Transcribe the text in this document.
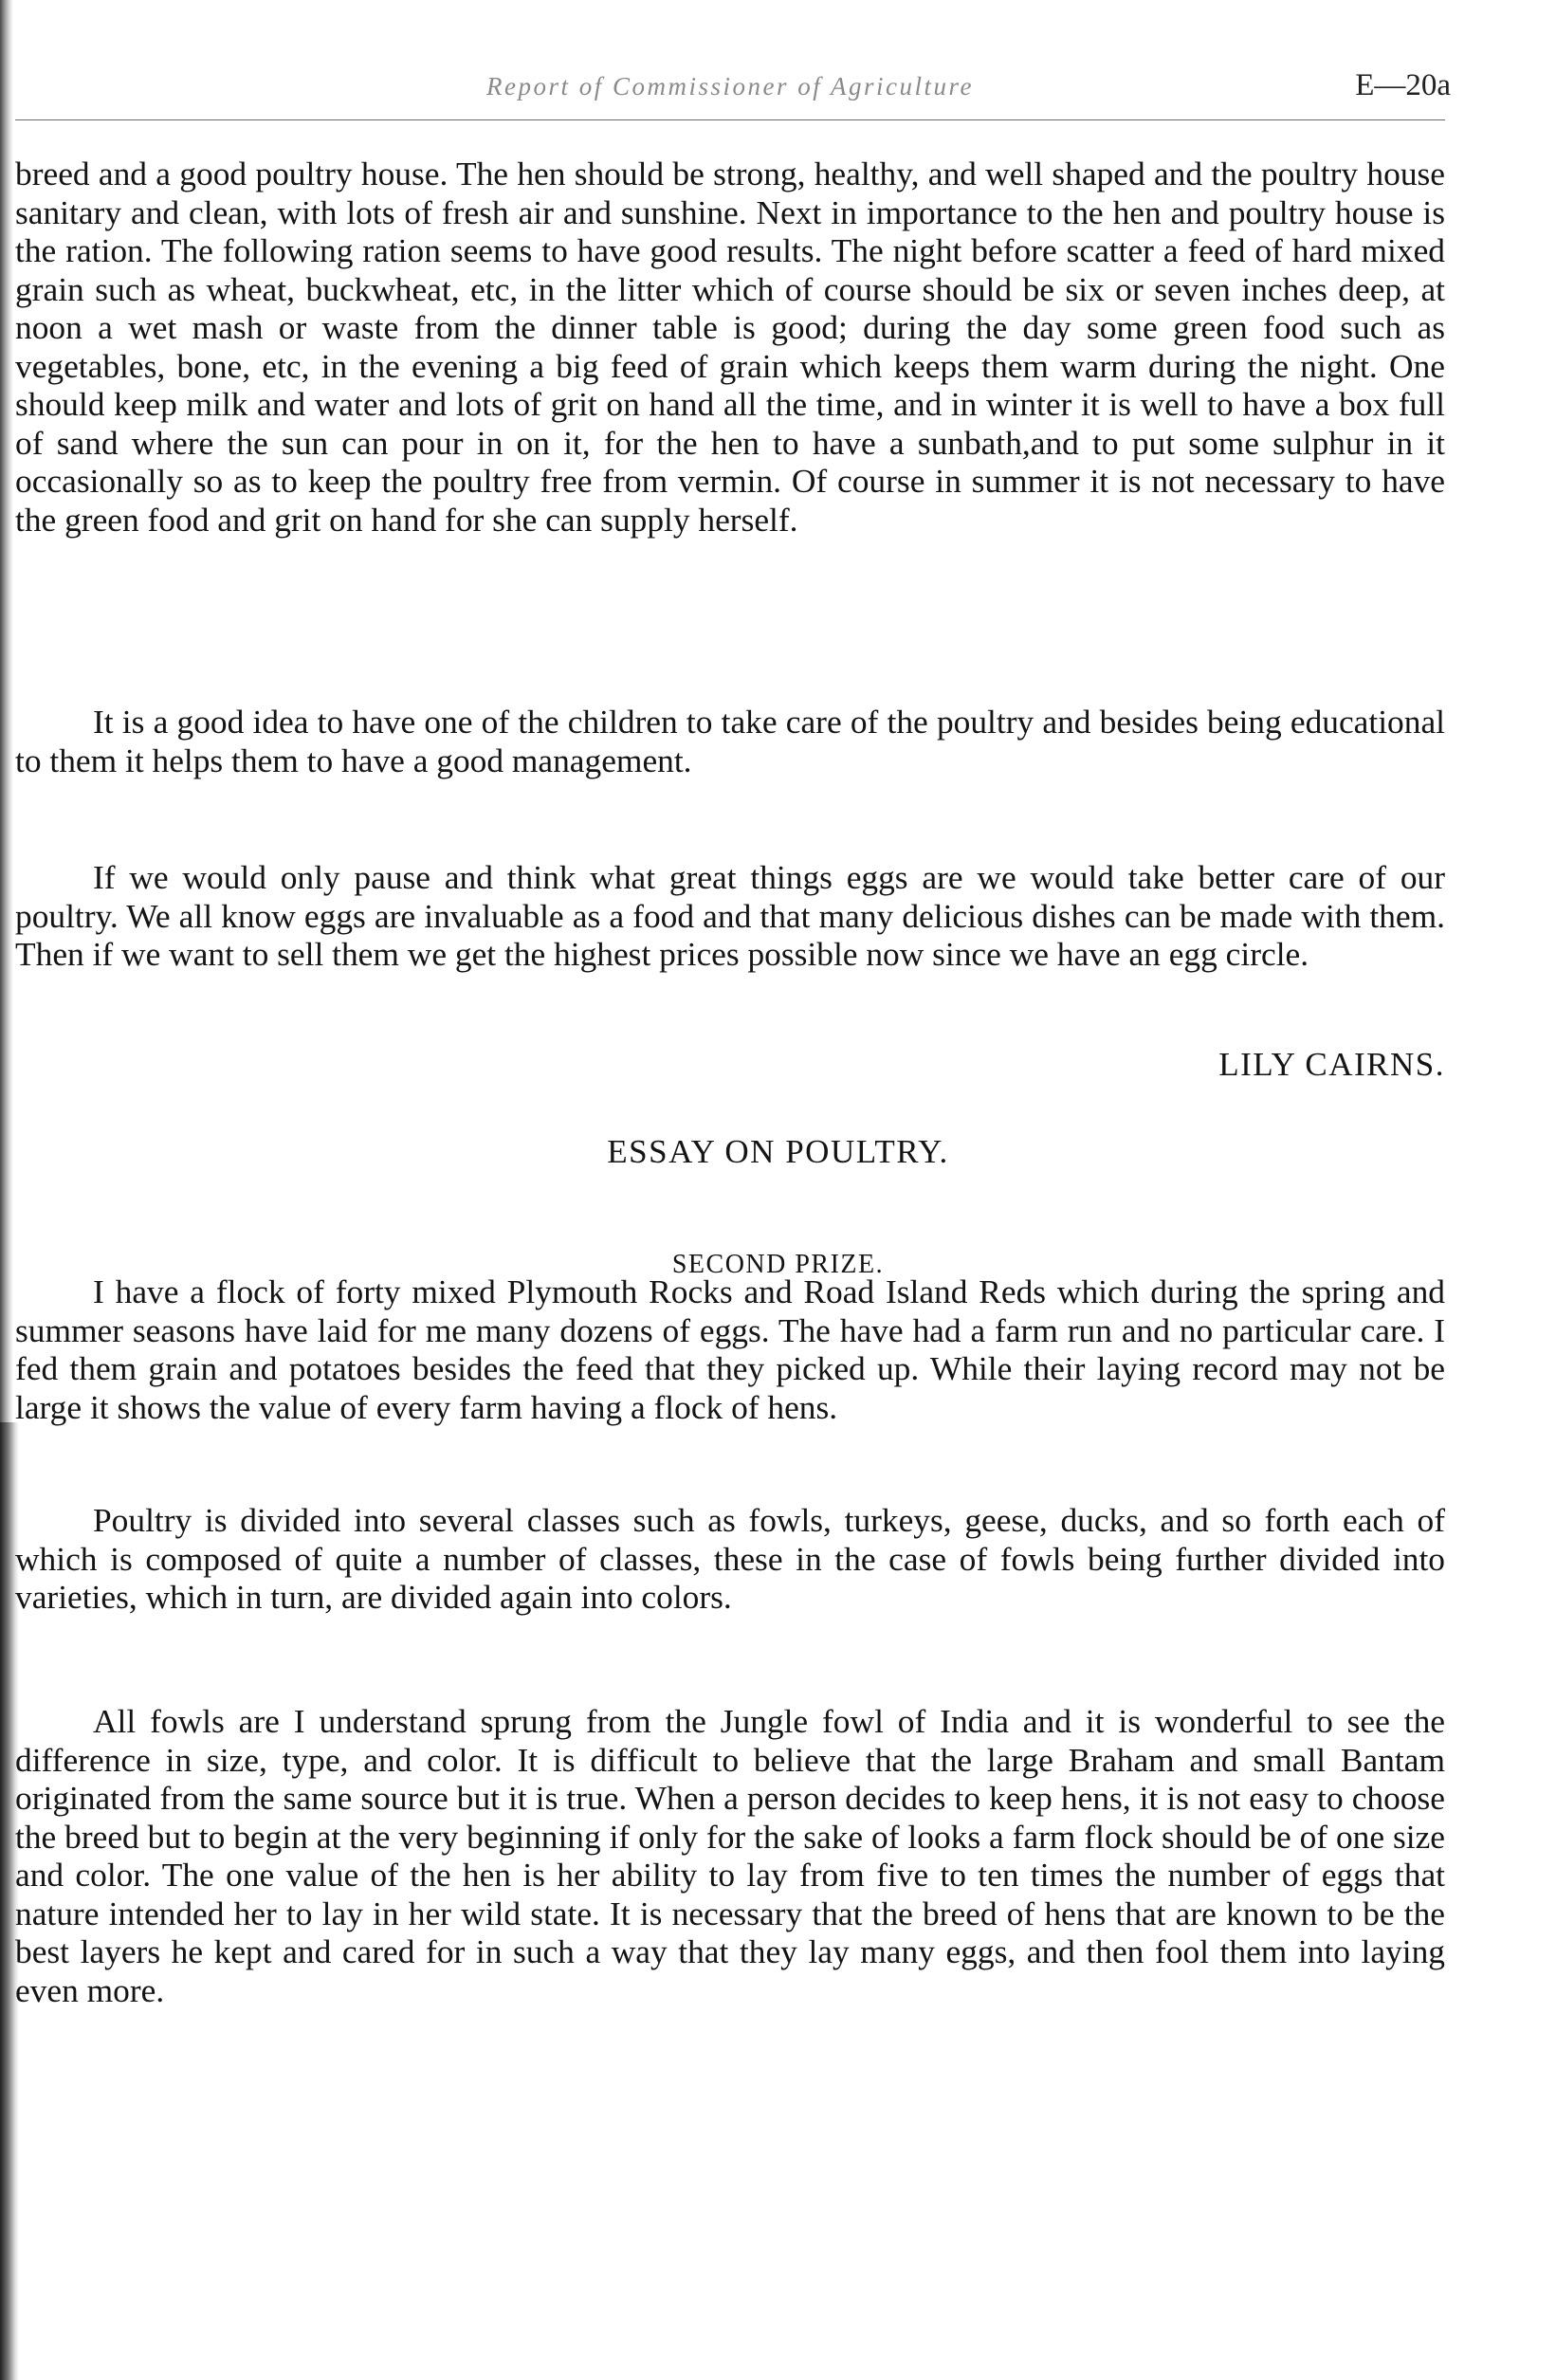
Report of Commissioner of Agriculture	E—20a

breed and a good poultry house. The hen should be strong, healthy, and well shaped and the poultry house sanitary and clean, with lots of fresh air and sunshine. Next in importance to the hen and poultry house is the ration. The following ration seems to have good results. The night before scatter a feed of hard mixed grain such as wheat, buckwheat, etc, in the litter which of course should be six or seven inches deep, at noon a wet mash or waste from the dinner table is good; during the day some green food such as vegetables, bone, etc, in the evening a big feed of grain which keeps them warm during the night. One should keep milk and water and lots of grit on hand all the time, and in winter it is well to have a box full of sand where the sun can pour in on it, for the hen to have a sunbath,and to put some sulphur in it occasionally so as to keep the poultry free from vermin. Of course in summer it is not necessary to have the green food and grit on hand for she can supply herself.

It is a good idea to have one of the children to take care of the poultry and besides being educational to them it helps them to have a good management.

If we would only pause and think what great things eggs are we would take better care of our poultry. We all know eggs are invaluable as a food and that many delicious dishes can be made with them. Then if we want to sell them we get the highest prices possible now since we have an egg circle.

LILY CAIRNS.
ESSAY ON POULTRY.
SECOND PRIZE.

I have a flock of forty mixed Plymouth Rocks and Road Island Reds which during the spring and summer seasons have laid for me many dozens of eggs. The have had a farm run and no particular care. I fed them grain and potatoes besides the feed that they picked up. While their laying record may not be large it shows the value of every farm having a flock of hens.

Poultry is divided into several classes such as fowls, turkeys, geese, ducks, and so forth each of which is composed of quite a number of classes, these in the case of fowls being further divided into varieties, which in turn, are divided again into colors.

All fowls are I understand sprung from the Jungle fowl of India and it is wonderful to see the difference in size, type, and color. It is difficult to believe that the large Braham and small Bantam originated from the same source but it is true. When a person decides to keep hens, it is not easy to choose the breed but to begin at the very beginning if only for the sake of looks a farm flock should be of one size and color. The one value of the hen is her ability to lay from five to ten times the number of eggs that nature intended her to lay in her wild state. It is necessary that the breed of hens that are known to be the best layers he kept and cared for in such a way that they lay many eggs, and then fool them into laying even more.
